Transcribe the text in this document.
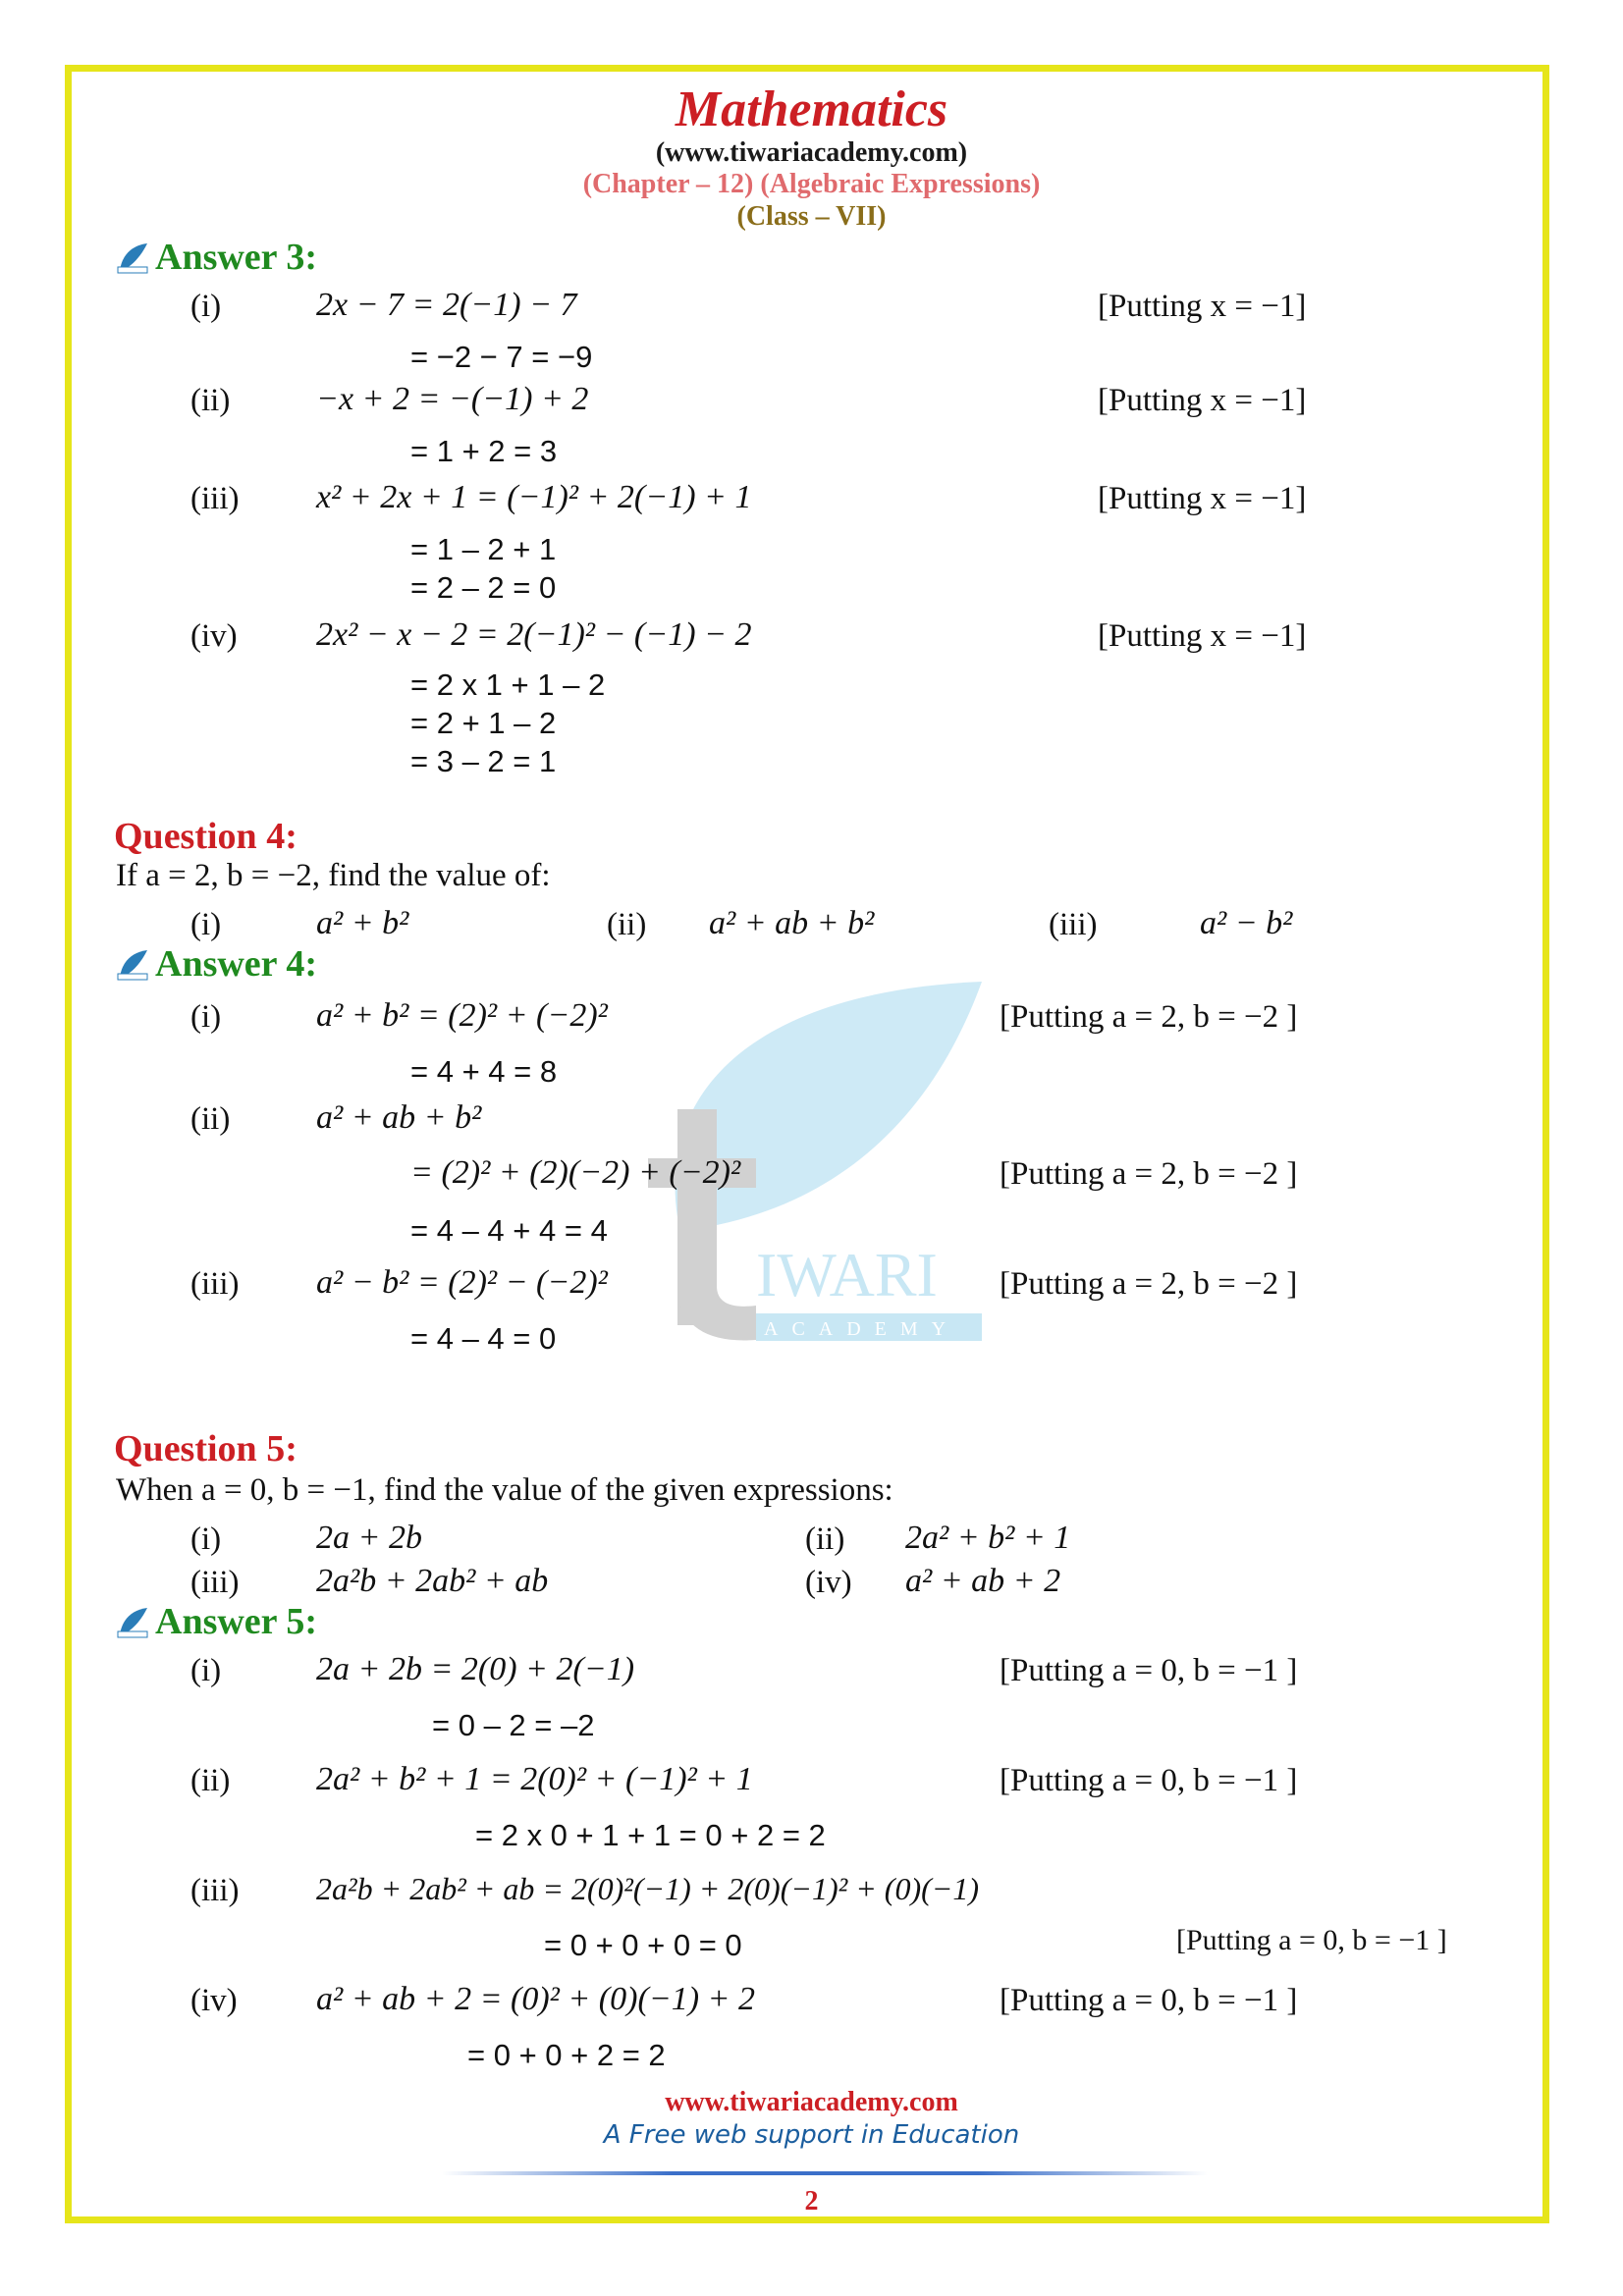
Mathematics
(www.tiwariacademy.com)
(Chapter – 12) (Algebraic Expressions)
(Class – VII)
IWARI
ACADEMY
Answer 3:
(i)	2x − 7 = 2(−1) − 7	[Putting x = −1]
= −2 − 7 = −9
(ii)	−x + 2 = −(−1) + 2	[Putting x = −1]
= 1 + 2 = 3
(iii) x² + 2x + 1 = (−1)² + 2(−1) + 1	[Putting x = −1]
= 1 – 2 + 1
= 2 – 2 = 0
(iv) 2x² − x − 2 = 2(−1)² − (−1) − 2	[Putting x = −1]
= 2 x 1 + 1 – 2
= 2 + 1 – 2
= 3 – 2 = 1
Question 4:
If a = 2, b = −2, find the value of:
(i)	a² + b²	(ii) a² + ab + b²	(iii)	a² − b²
Answer 4:
(i)	a² + b² = (2)² + (−2)²	[Putting a = 2, b = −2 ]
= 4 + 4 = 8
(ii)	a² + ab + b²
= (2)² + (2)(−2) + (−2)²	[Putting a = 2, b = −2 ]
= 4 – 4 + 4 = 4
(iii) a² − b² = (2)² − (−2)²	[Putting a = 2, b = −2 ]
= 4 – 4 = 0
Question 5:
When a = 0, b = −1, find the value of the given expressions:
(i)	2a + 2b	(ii) 2a² + b² + 1
(iii) 2a²b + 2ab² + ab	(iv) a² + ab + 2
Answer 5:
(i)	2a + 2b = 2(0) + 2(−1)	[Putting a = 0, b = −1 ]
= 0 – 2 = –2
(ii)	2a² + b² + 1 = 2(0)² + (−1)² + 1	[Putting a = 0, b = −1 ]
= 2 x 0 + 1 + 1 = 0 + 2 = 2
(iii) 2a²b + 2ab² + ab = 2(0)²(−1) + 2(0)(−1)² + (0)(−1)
[Putting a = 0, b = −1 ]
= 0 + 0 + 0 = 0
(iv) a² + ab + 2 = (0)² + (0)(−1) + 2	[Putting a = 0, b = −1 ]
= 0 + 0 + 2 = 2
www.tiwariacademy.com
A Free web support in Education
2
